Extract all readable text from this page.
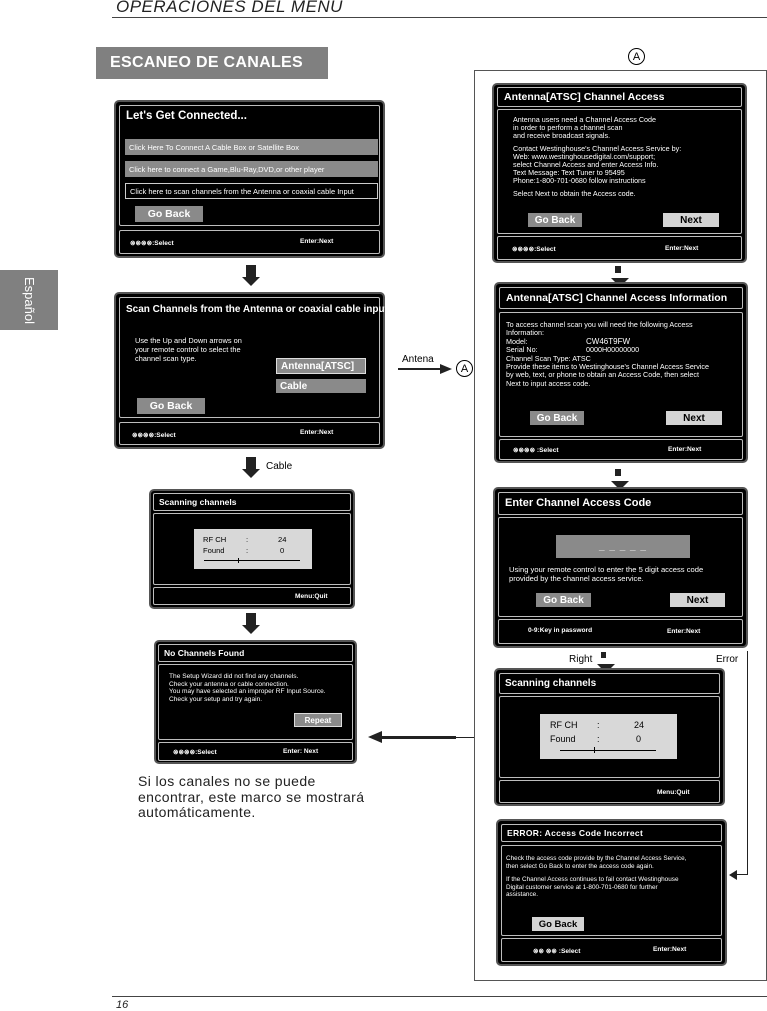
OPERACIONES DEL MENU
16
Español
ESCANEO DE CANALES	A
Let's Get Connected...
Click Here To Connect A Cable Box or Satellite Box
Click here to connect a Game,Blu-Ray,DVD,or other player
Click here to scan channels from the Antenna or coaxial cable Input
Go Back
⊗⊗⊗⊗:Select	Enter:Next
Scan Channels from the Antenna or coaxial cable input
Use the Up and Down arrows on
your remote control to select the
channel scan type.
Antenna[ATSC]
Cable
Go Back
⊗⊗⊗⊗:Select	Enter:Next
Antena
A
Cable
Scanning channels
RF CH	:	24
Found	:	0
Menu:Quit
No Channels Found
The Setup Wizard did not find any channels.
Check your antenna or cable connection.
You may have selected an improper RF Input Source.
Check your setup and try again.
Repeat
⊗⊗⊗⊗:Select	Enter: Next
Si los canales no se puede
encontrar, este marco se mostrará
automáticamente.
Antenna[ATSC] Channel Access
Antenna users need a Channel Access Code
in order to perform a channel scan
and receive broadcast signals.
Contact Westinghouse's Channel Access Service by:
Web: www.westinghousedigital.com/support;
select Channel Access and enter Access Info.
Text Message: Text Tuner to 95495
Phone:1-800-701-0680 follow instructions
Select Next to obtain the Access code.
Go Back	Next
⊗⊗⊗⊗:Select	Enter:Next
Antenna[ATSC] Channel Access Information
To access channel scan you will need the following Access
Information:
Model:	CW46T9FW
Serial No:	0000H00000000
Channel Scan Type: ATSC
Provide these items to Westinghouse's Channel Access Service
by web, text, or phone to obtain an Access Code, then select
Next to input access code.
Go Back	Next
⊗⊗⊗⊗ :Select	Enter:Next
Enter Channel Access Code
_ _ _ _ _
Using your remote control to enter the 5 digit access code
provided by the channel access service.
Go Back	Next
0-9:Key in password	Enter:Next
Right	Error
Scanning channels
RF CH :	24
Found :	0
Menu:Quit
ERROR: Access Code Incorrect
Check the access code provide by the Channel Access Service,
then select Go Back to enter the access code again.
If the Channel Access continues to fail contact Westinghouse
Digital customer service at 1-800-701-0680 for further
assistance.
Go Back
⊗⊗ ⊗⊗ :Select	Enter:Next
